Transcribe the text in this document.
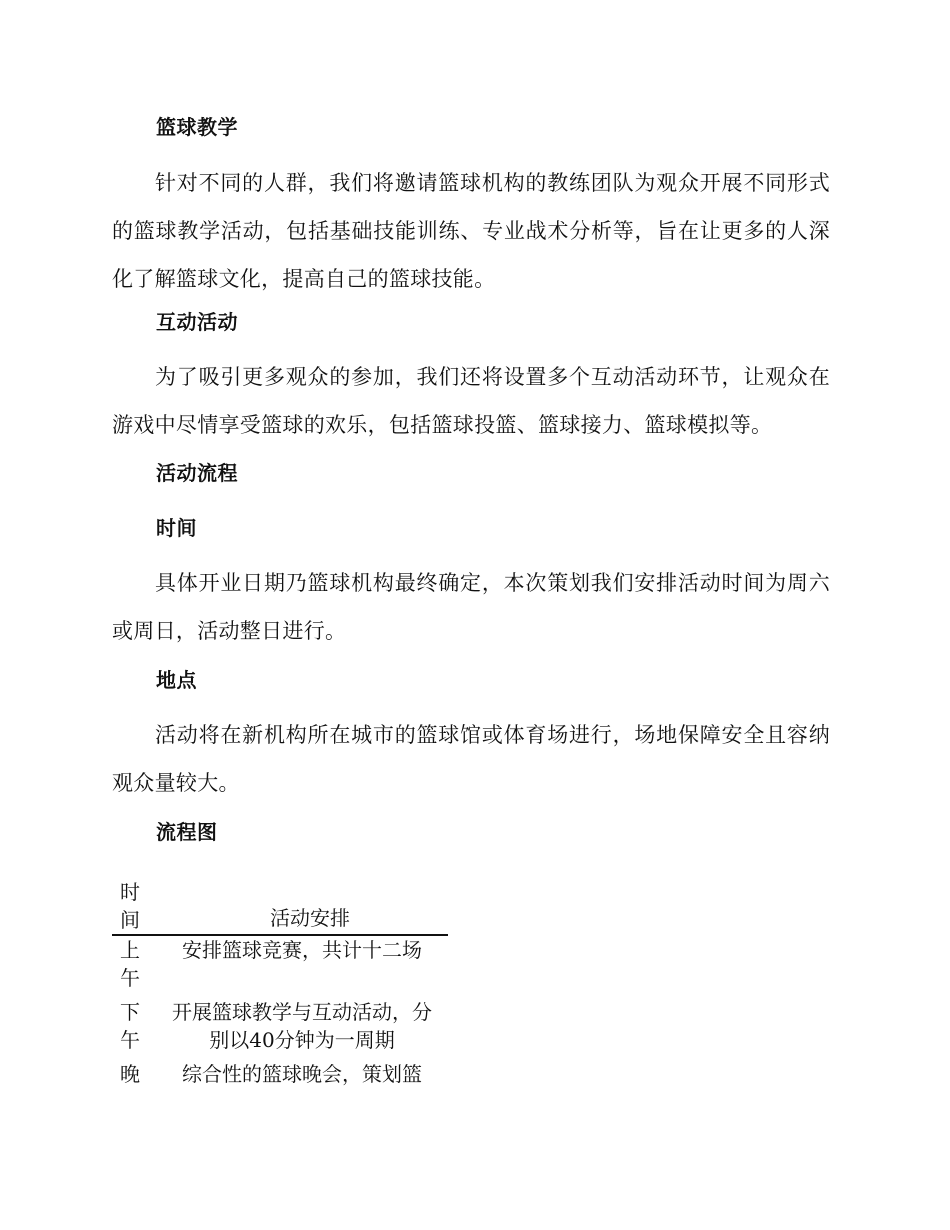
篮球教学
针对不同的人群，我们将邀请篮球机构的教练团队为观众开展不同形式的篮球教学活动，包括基础技能训练、专业战术分析等，旨在让更多的人深化了解篮球文化，提高自己的篮球技能。
互动活动
为了吸引更多观众的参加，我们还将设置多个互动活动环节，让观众在游戏中尽情享受篮球的欢乐，包括篮球投篮、篮球接力、篮球模拟等。
活动流程
时间
具体开业日期乃篮球机构最终确定，本次策划我们安排活动时间为周六或周日，活动整日进行。
地点
活动将在新机构所在城市的篮球馆或体育场进行，场地保障安全且容纳观众量较大。
流程图
时间	活动安排
上午
安排篮球竞赛，共计十二场
下午
开展篮球教学与互动活动，分别以40分钟为一周期
晚	综合性的篮球晚会，策划篮
